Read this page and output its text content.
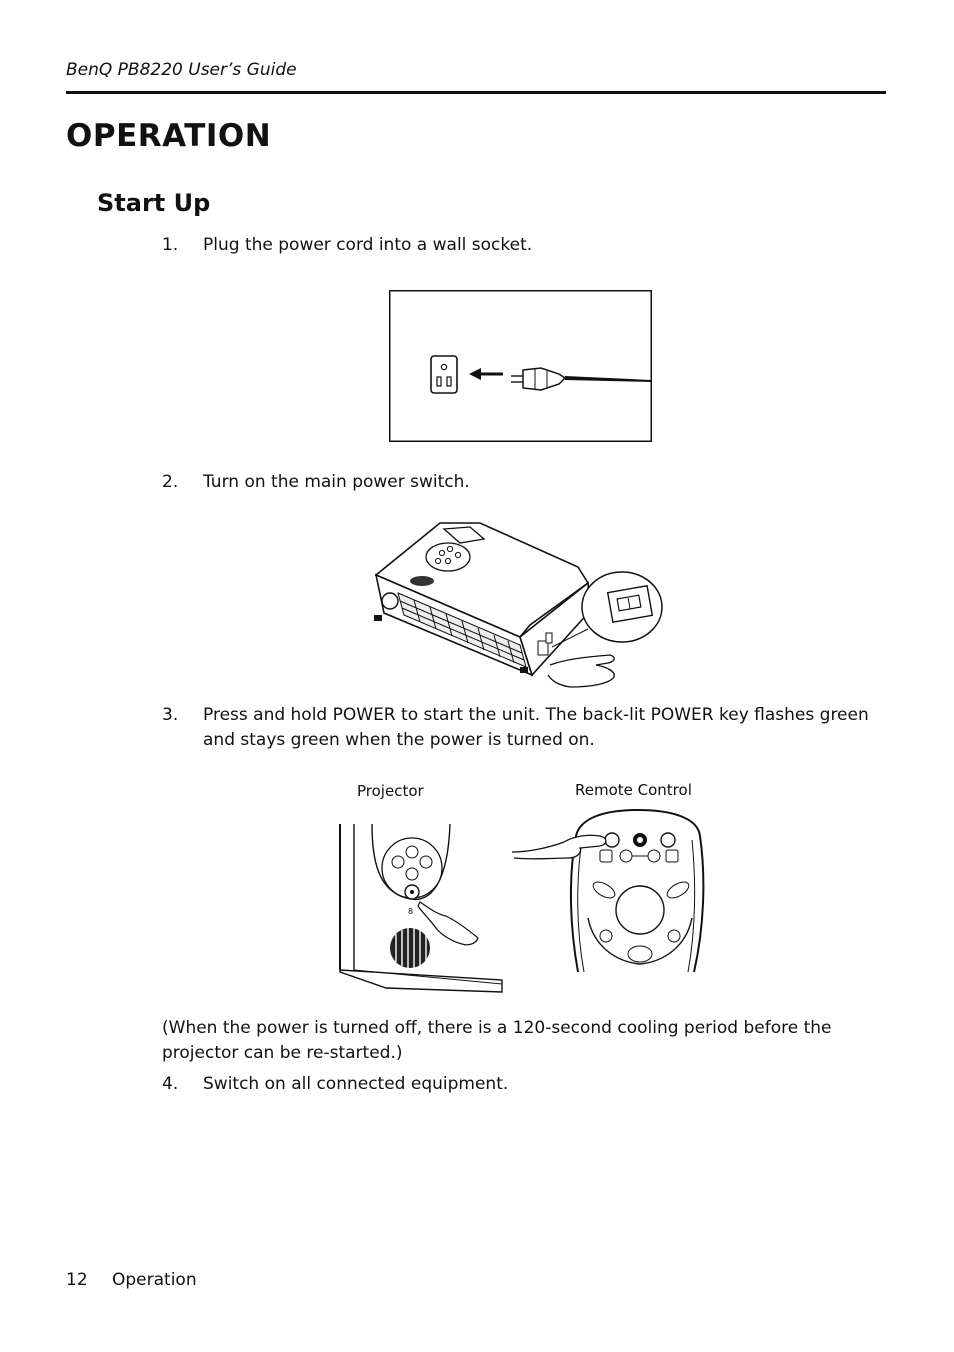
BenQ PB8220 User’s Guide
OPERATION
Start Up
1. Plug the power cord into a wall socket.
2. Turn on the main power switch.
3. Press and hold POWER to start the unit. The back-lit POWER key flashes green
and stays green when the power is turned on.
Projector	Remote Control
8
(When the power is turned off, there is a 120-second cooling period before the
projector can be re-started.)
4. Switch on all connected equipment.
12 Operation
